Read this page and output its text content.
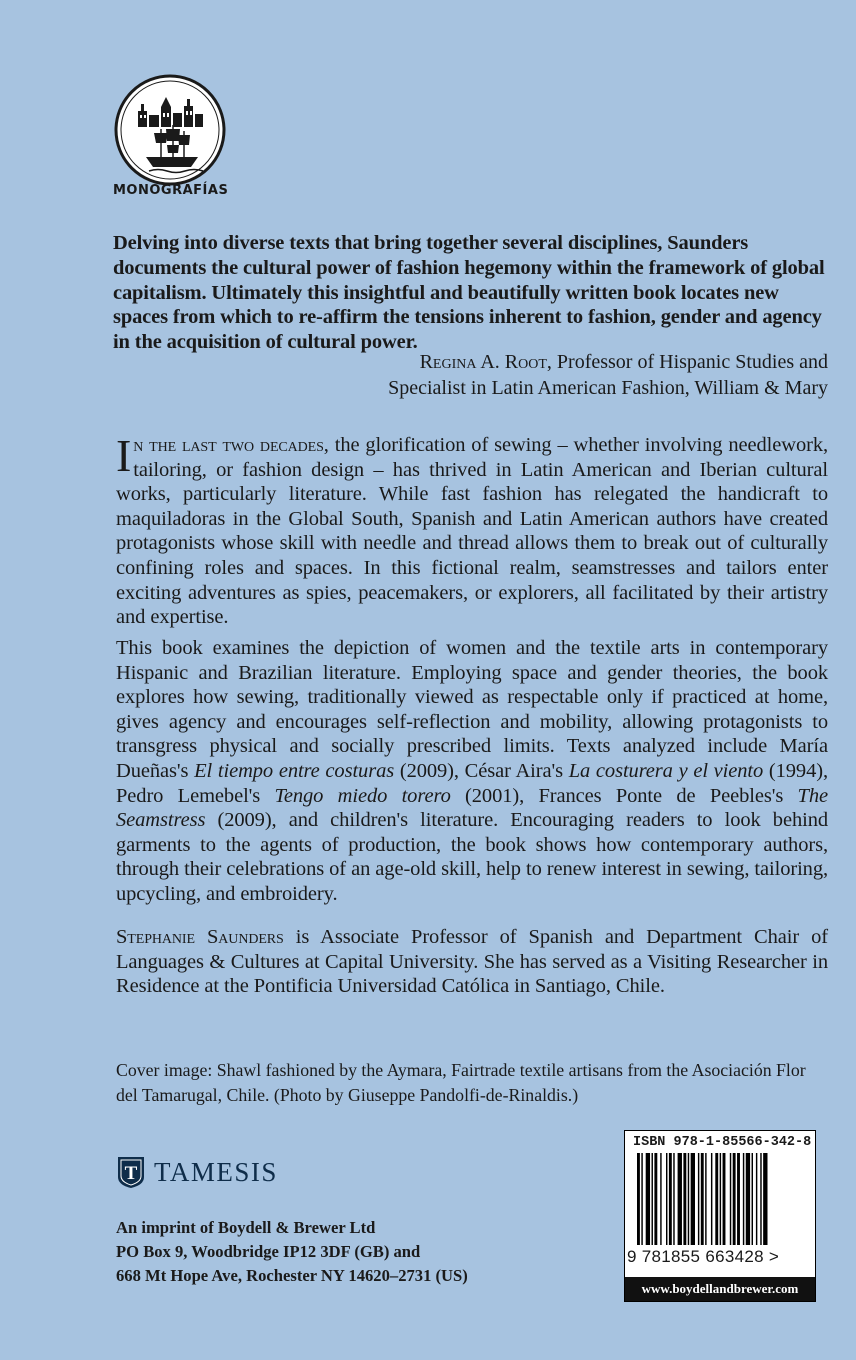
MONOGRAFÍAS
Delving into diverse texts that bring together several disciplines, Saunders documents the cultural power of fashion hegemony within the framework of global capitalism. Ultimately this insightful and beautifully written book locates new spaces from which to re-affirm the tensions inherent to fashion, gender and agency in the acquisition of cultural power.
Regina A. Root, Professor of Hispanic Studies and
Specialist in Latin American Fashion, William & Mary
In the last two decades, the glorification of sewing – whether involving needlework, tailoring, or fashion design – has thrived in Latin American and Iberian cultural works, particularly literature. While fast fashion has relegated the handicraft to maquiladoras in the Global South, Spanish and Latin American authors have created protagonists whose skill with needle and thread allows them to break out of culturally confining roles and spaces. In this fictional realm, seamstresses and tailors enter exciting adventures as spies, peacemakers, or explorers, all facilitated by their artistry and expertise.
This book examines the depiction of women and the textile arts in contemporary Hispanic and Brazilian literature. Employing space and gender theories, the book explores how sewing, traditionally viewed as respectable only if practiced at home, gives agency and encourages self-reflection and mobility, allowing protagonists to transgress physical and socially prescribed limits. Texts analyzed include María Dueñas's El tiempo entre costuras (2009), César Aira's La costurera y el viento (1994), Pedro Lemebel's Tengo miedo torero (2001), Frances Ponte de Peebles's The Seamstress (2009), and children's literature. Encouraging readers to look behind garments to the agents of production, the book shows how contemporary authors, through their celebrations of an age-old skill, help to renew interest in sewing, tailoring, upcycling, and embroidery.
Stephanie Saunders is Associate Professor of Spanish and Department Chair of Languages & Cultures at Capital University. She has served as a Visiting Researcher in Residence at the Pontificia Universidad Católica in Santiago, Chile.
Cover image: Shawl fashioned by the Aymara, Fairtrade textile artisans from the Asociación Flor del Tamarugal, Chile. (Photo by Giuseppe Pandolfi-de-Rinaldis.)
T TAMESIS
An imprint of Boydell & Brewer Ltd
PO Box 9, Woodbridge IP12 3DF (GB) and
668 Mt Hope Ave, Rochester NY 14620–2731 (US)
ISBN 978-1-85566-342-8
9 781855 663428 >
www.boydellandbrewer.com
